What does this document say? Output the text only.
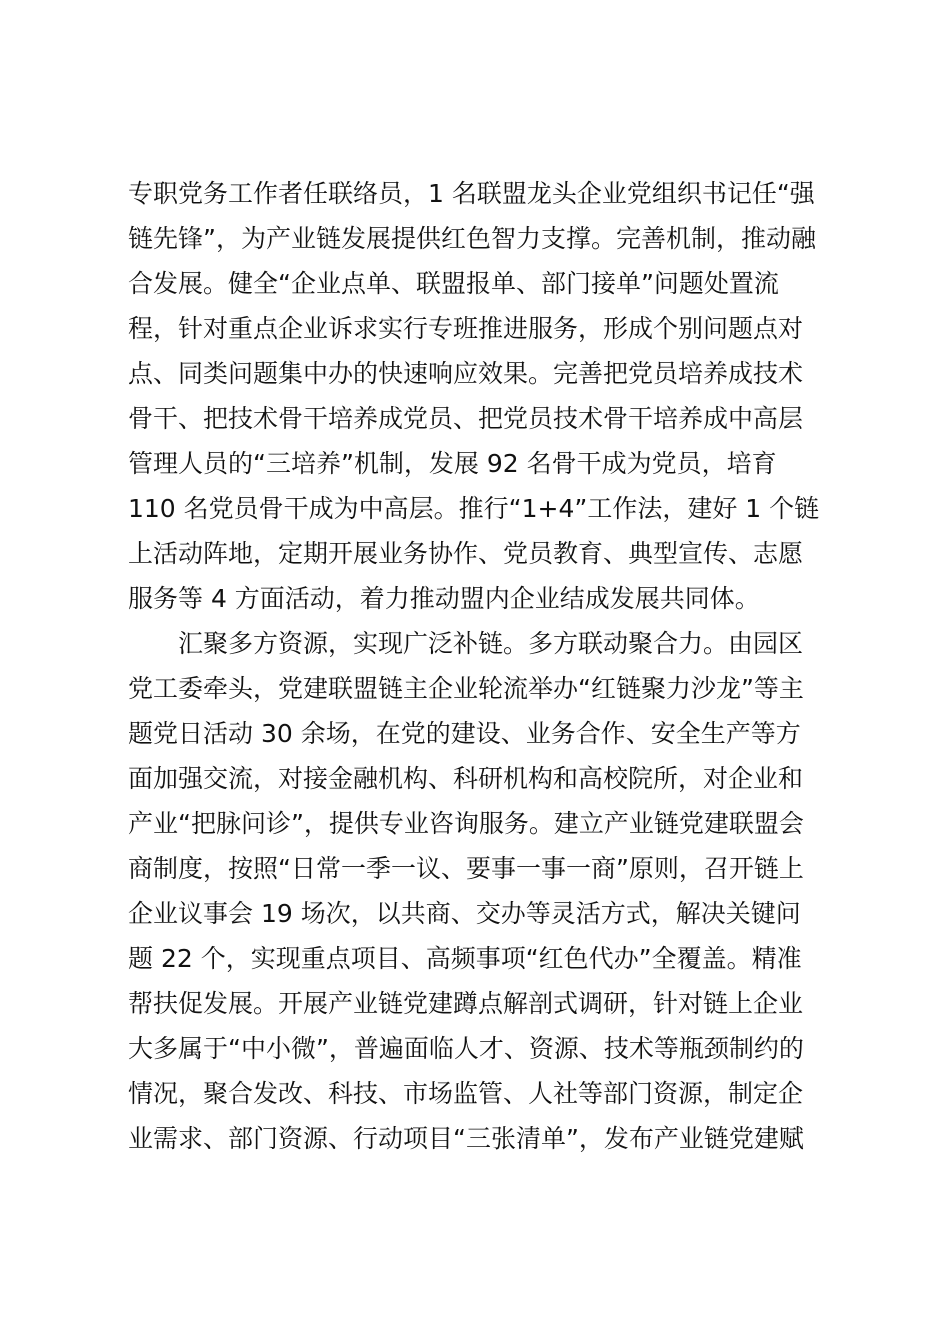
专职党务工作者任联络员，1 名联盟龙头企业党组织书记任“强
链先锋”，为产业链发展提供红色智力支撑。完善机制，推动融
合发展。健全“企业点单、联盟报单、部门接单”问题处置流
程，针对重点企业诉求实行专班推进服务，形成个别问题点对
点、同类问题集中办的快速响应效果。完善把党员培养成技术
骨干、把技术骨干培养成党员、把党员技术骨干培养成中高层
管理人员的“三培养”机制，发展 92 名骨干成为党员，培育
110 名党员骨干成为中高层。推行“1+4”工作法，建好 1 个链
上活动阵地，定期开展业务协作、党员教育、典型宣传、志愿
服务等 4 方面活动，着力推动盟内企业结成发展共同体。
汇聚多方资源，实现广泛补链。多方联动聚合力。由园区
党工委牵头，党建联盟链主企业轮流举办“红链聚力沙龙”等主
题党日活动 30 余场，在党的建设、业务合作、安全生产等方
面加强交流，对接金融机构、科研机构和高校院所，对企业和
产业“把脉问诊”，提供专业咨询服务。建立产业链党建联盟会
商制度，按照“日常一季一议、要事一事一商”原则，召开链上
企业议事会 19 场次，以共商、交办等灵活方式，解决关键问
题 22 个，实现重点项目、高频事项“红色代办”全覆盖。精准
帮扶促发展。开展产业链党建蹲点解剖式调研，针对链上企业
大多属于“中小微”，普遍面临人才、资源、技术等瓶颈制约的
情况，聚合发改、科技、市场监管、人社等部门资源，制定企
业需求、部门资源、行动项目“三张清单”，发布产业链党建赋
